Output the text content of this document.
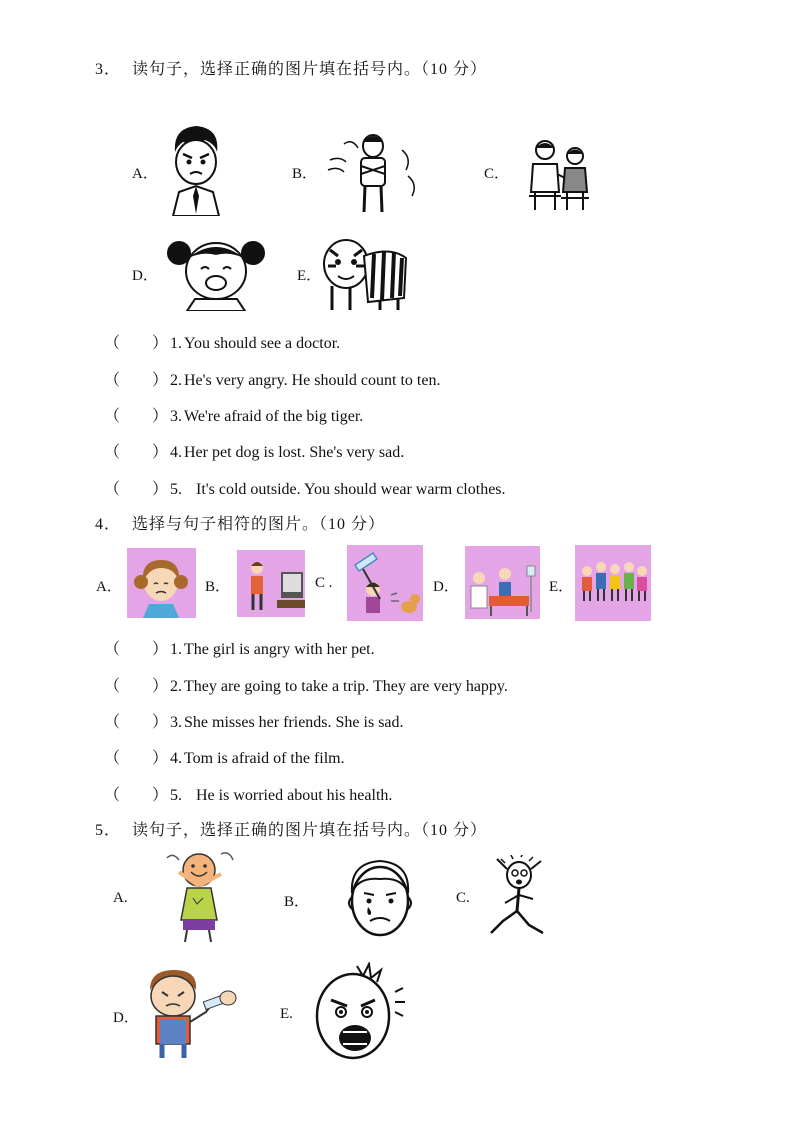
3． 读句子，选择正确的图片填在括号内。（10 分）
A．	B．	C．
D．	E．
（　　） 1. You should see a doctor.
（　　） 2. He's very angry. He should count to ten.
（　　） 3. We're afraid of the big tiger.
（　　） 4. Her pet dog is lost. She's very sad.
（　　） 5. It's cold outside. You should wear warm clothes.
4． 选择与句子相符的图片。（10 分）
A．	B．	C .	D．	E．
（　　） 1. The girl is angry with her pet.
（　　） 2. They are going to take a trip. They are very happy.
（　　） 3. She misses her friends. She is sad.
（　　） 4. Tom is afraid of the film.
（　　） 5. He is worried about his health.
5． 读句子，选择正确的图片填在括号内。（10 分）
A.	B．	C.
D．	E.
